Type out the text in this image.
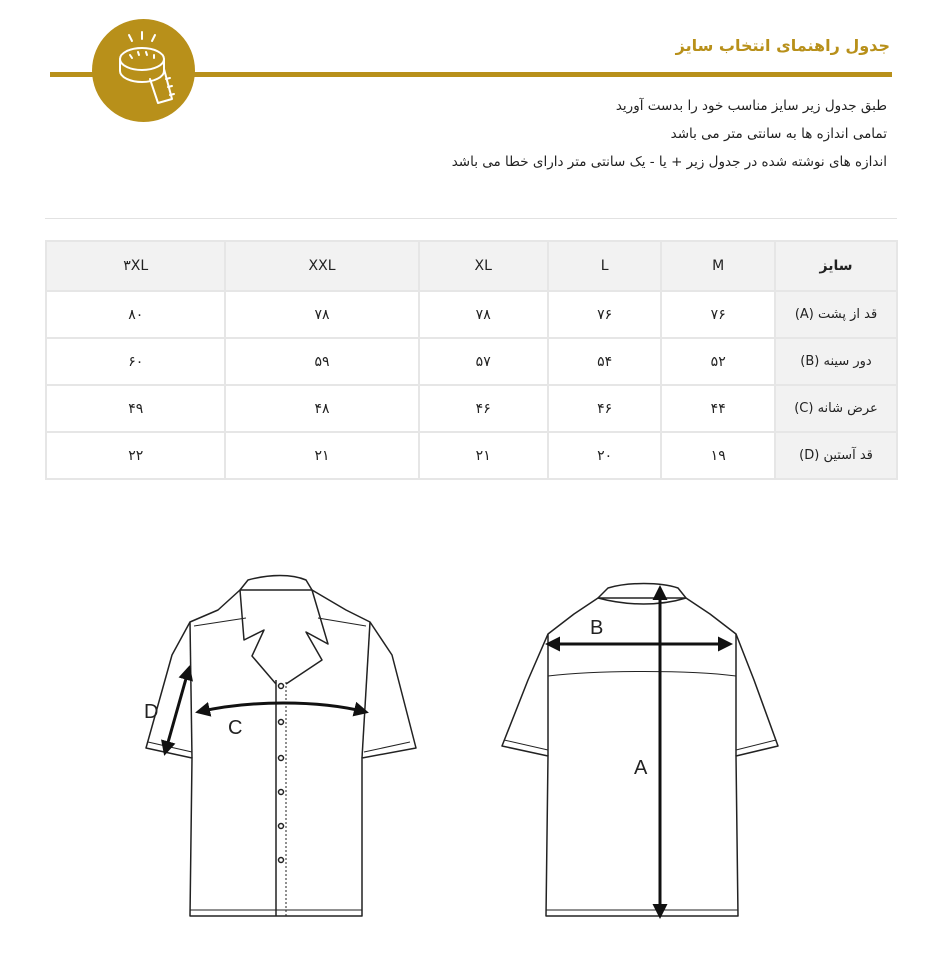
جدول راهنمای انتخاب سایز
طبق جدول زیر سایز مناسب خود را بدست آورید
تمامی اندازه ها به سانتی متر می باشد
اندازه های نوشته شده در جدول زیر + یا - یک سانتی متر دارای خطا می باشد
سایز	M	L	XL	XXL	۳XL
قد از پشت (A)	۷۶	۷۶	۷۸	۷۸	۸۰
دور سینه (B)	۵۲	۵۴	۵۷	۵۹	۶۰
عرض شانه (C)	۴۴	۴۶	۴۶	۴۸	۴۹
قد آستین (D)	۱۹	۲۰	۲۱	۲۱	۲۲
D
C
B
A
